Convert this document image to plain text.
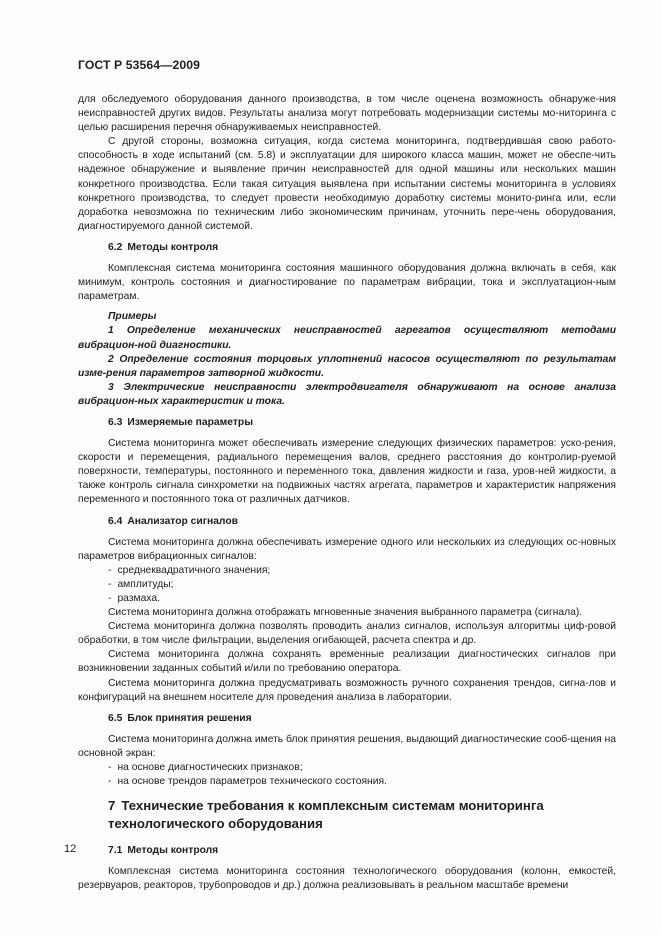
ГОСТ Р 53564—2009

для обследуемого оборудования данного производства, в том числе оценена возможность обнаруже-ния неисправностей других видов. Результаты анализа могут потребовать модернизации системы мо-ниторинга с целью расширения перечня обнаруживаемых неисправностей.

С другой стороны, возможна ситуация, когда система мониторинга, подтвердившая свою работо-способность в ходе испытаний (см. 5.8) и эксплуатации для широкого класса машин, может не обеспе-чить надежное обнаружение и выявление причин неисправностей для одной машины или нескольких машин конкретного производства. Если такая ситуация выявлена при испытании системы мониторинга в условиях конкретного производства, то следует провести необходимую доработку системы монито-ринга или, если доработка невозможна по техническим либо экономическим причинам, уточнить пере-чень оборудования, диагностируемого данной системой.

6.2 Методы контроля

Комплексная система мониторинга состояния машинного оборудования должна включать в себя, как минимум, контроль состояния и диагностирование по параметрам вибрации, тока и эксплуатацион-ным параметрам.

Примеры

1 Определение механических неисправностей агрегатов осуществляют методами вибрацион-ной диагностики.

2 Определение состояния торцовых уплотнений насосов осуществляют по результатам изме-рения параметров затворной жидкости.

3 Электрические неисправности электродвигателя обнаруживают на основе анализа вибрацион-ных характеристик и тока.

6.3 Измеряемые параметры

Система мониторинга может обеспечивать измерение следующих физических параметров: уско-рения, скорости и перемещения, радиального перемещения валов, среднего расстояния до контролир-руемой поверхности, температуры, постоянного и переменного тока, давления жидкости и газа, уров-ней жидкости, а также контроль сигнала синхрометки на подвижных частях агрегата, параметров и характеристик напряжения переменного и постоянного тока от различных датчиков.

6.4 Анализатор сигналов

Система мониторинга должна обеспечивать измерение одного или нескольких из следующих ос-новных параметров вибрационных сигналов:

- среднеквадратичного значения;
- амплитуды;
- размаха.

Система мониторинга должна отображать мгновенные значения выбранного параметра (сигнала).

Система мониторинга должна позволять проводить анализ сигналов, используя алгоритмы циф-ровой обработки, в том числе фильтрации, выделения огибающей, расчета спектра и др.

Система мониторинга должна сохранять временные реализации диагностических сигналов при возникновении заданных событий и/или по требованию оператора.

Система мониторинга должна предусматривать возможность ручного сохранения трендов, сигна-лов и конфигураций на внешнем носителе для проведения анализа в лаборатории.

6.5 Блок принятия решения

Система мониторинга должна иметь блок принятия решения, выдающий диагностические сооб-щения на основной экран:

- на основе диагностических признаков;
- на основе трендов параметров технического состояния.
7 Технические требования к комплексным системам мониторинга технологического оборудования
7.1 Методы контроля

Комплексная система мониторинга состояния технологического оборудования (колонн, емкостей, резервуаров, реакторов, трубопроводов и др.) должна реализовывать в реальном масштабе времени

12
